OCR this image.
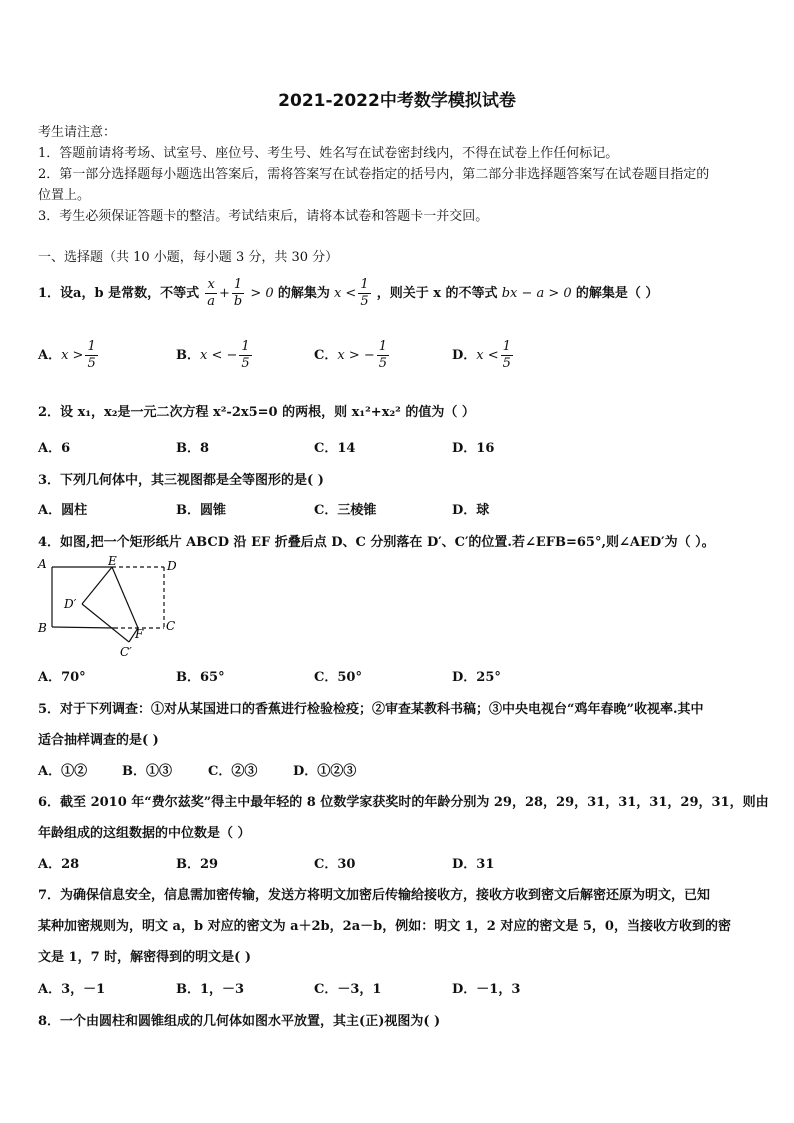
2021-2022中考数学模拟试卷
考生请注意：
1．答题前请将考场、试室号、座位号、考生号、姓名写在试卷密封线内，不得在试卷上作任何标记。
2．第一部分选择题每小题选出答案后，需将答案写在试卷指定的括号内，第二部分非选择题答案写在试卷题目指定的
位置上。
3．考生必须保证答题卡的整洁。考试结束后，请将本试卷和答题卡一并交回。
一、选择题（共 10 小题，每小题 3 分，共 30 分）
1．设a，b 是常数，不等式 $\frac{x}{a} + \frac{1}{b} > 0$ 的解集为 $x < \frac{1}{5}$ ，则关于 x 的不等式 bx − a > 0 的解集是（ ）
A．$x > \frac{1}{5}$	B．x < − $\frac{1}{5}$	C．x > − $\frac{1}{5}$	D．$x < \frac{1}{5}$
2．设 x₁，x₂是一元二次方程 x²-2x5=0 的两根，则 x₁²+x₂² 的值为（ ）
A．6	B．8	C．14	D．16
3．下列几何体中，其三视图都是全等图形的是( )
A．圆柱	B．圆锥	C．三棱锥	D．球
4．如图,把一个矩形纸片 ABCD 沿 EF 折叠后点 D、C 分别落在 D′、C′的位置.若∠EFB=65°,则∠AED′为（ ）。
A	E	D
D′
B	F
C
C′
A．70°	B．65°	C．50°	D．25°
5．对于下列调查：①对从某国进口的香蕉进行检验检疫；②审查某教科书稿；③中央电视台“鸡年春晚”收视率.其中
适合抽样调查的是( )
A．①②	B．①③	C．②③	D．①②③
6．截至 2010 年“费尔兹奖”得主中最年轻的 8 位数学家获奖时的年龄分别为 29，28，29，31，31，31，29，31，则由
年龄组成的这组数据的中位数是（ ）
A．28	B．29	C．30	D．31
7．为确保信息安全，信息需加密传输，发送方将明文加密后传输给接收方，接收方收到密文后解密还原为明文，已知
某种加密规则为，明文 a，b 对应的密文为 a＋2b，2a－b，例如：明文 1，2 对应的密文是 5，0，当接收方收到的密
文是 1，7 时，解密得到的明文是( )
A．3，－1	B．1，－3	C．－3，1	D．－1，3
8．一个由圆柱和圆锥组成的几何体如图水平放置，其主(正)视图为( )
